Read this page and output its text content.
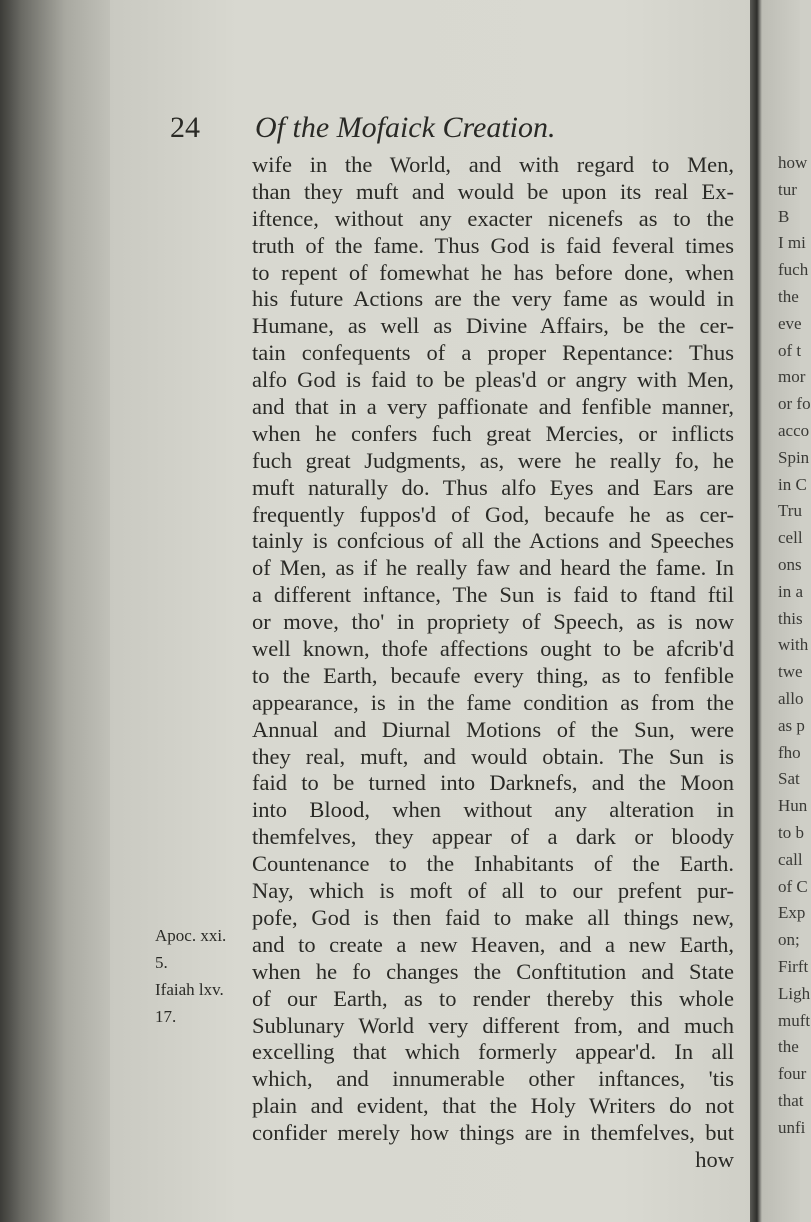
24 Of the Mofaick Creation.
wife in the World, and with regard to Men,
than they muft and would be upon its real Ex-
iftence, without any exacter nicenefs as to the
truth of the fame. Thus God is faid feveral times
to repent of fomewhat he has before done, when
his future Actions are the very fame as would in
Humane, as well as Divine Affairs, be the cer-
tain confequents of a proper Repentance: Thus
alfo God is faid to be pleas'd or angry with Men,
and that in a very paffionate and fenfible manner,
when he confers fuch great Mercies, or inflicts
fuch great Judgments, as, were he really fo, he
muft naturally do. Thus alfo Eyes and Ears are
frequently fuppos'd of God, becaufe he as cer-
tainly is confcious of all the Actions and Speeches
of Men, as if he really faw and heard the fame. In
a different inftance, The Sun is faid to ftand ftil
or move, tho' in propriety of Speech, as is now
well known, thofe affections ought to be afcrib'd
to the Earth, becaufe every thing, as to fenfible
appearance, is in the fame condition as from the
Annual and Diurnal Motions of the Sun, were
they real, muft, and would obtain. The Sun is
faid to be turned into Darknefs, and the Moon
into Blood, when without any alteration in
themfelves, they appear of a dark or bloody
Countenance to the Inhabitants of the Earth.
Nay, which is moft of all to our prefent pur-
pofe, God is then faid to make all things new,
and to create a new Heaven, and a new Earth,
when he fo changes the Conftitution and State
of our Earth, as to render thereby this whole
Sublunary World very different from, and much
excelling that which formerly appear'd. In all
which, and innumerable other inftances, 'tis
plain and evident, that the Holy Writers do not
confider merely how things are in themfelves, but
how
Apoc. xxi.
5.
Ifaiah lxv.
17.
how
tur
B
I mi
fuch
the
eve
of t
mor
or fo
acco
Spin
in C
Tru
cell
ons
in a
this
with
twe
allo
as p
fho
Sat
Hun
to b
call
of C
Exp
on;
Firft
Ligh
muft
the
four
that
unfi
